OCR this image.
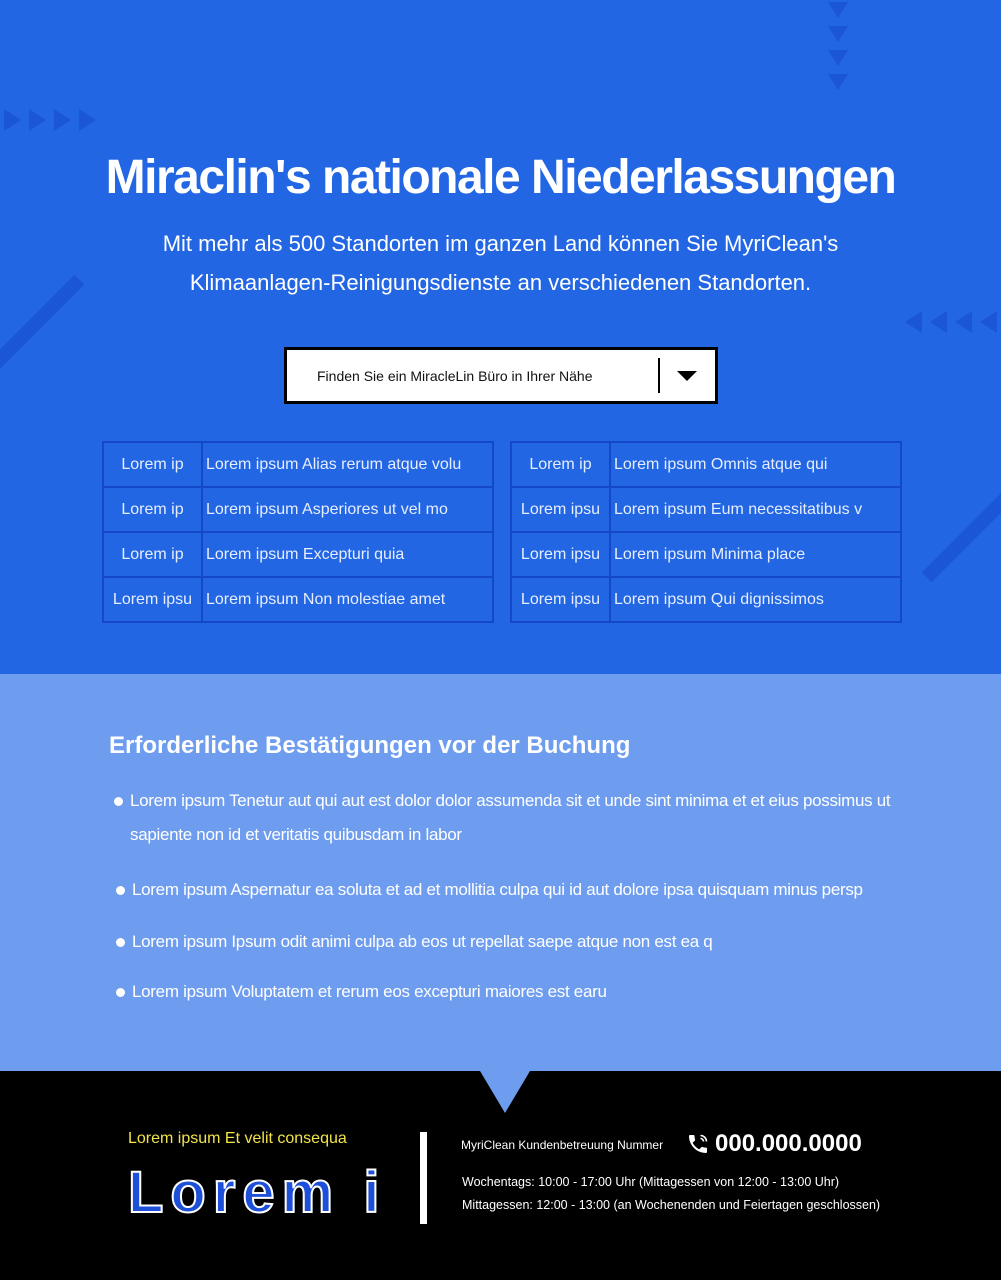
Miraclin's nationale Niederlassungen

Mit mehr als 500 Standorten im ganzen Land können Sie MyriClean's
Klimaanlagen-Reinigungsdienste an verschiedenen Standorten.

Finden Sie ein MiracleLin Büro in Ihrer Nähe
Lorem ip	Lorem ipsum Alias rerum atque volu
Lorem ip	Lorem ipsum Asperiores ut vel mo
Lorem ip	Lorem ipsum Excepturi quia
Lorem ipsu	Lorem ipsum Non molestiae amet
Lorem ip	Lorem ipsum Omnis atque qui
Lorem ipsu	Lorem ipsum Eum necessitatibus v
Lorem ipsu	Lorem ipsum Minima place
Lorem ipsu	Lorem ipsum Qui dignissimos
Erforderliche Bestätigungen vor der Buchung
Lorem ipsum Tenetur aut qui aut est dolor dolor assumenda sit et unde sint minima et et eius possimus ut sapiente non id et veritatis quibusdam in labor
Lorem ipsum Aspernatur ea soluta et ad et mollitia culpa qui id aut dolore ipsa quisquam minus persp
Lorem ipsum Ipsum odit animi culpa ab eos ut repellat saepe atque non est ea q
Lorem ipsum Voluptatem et rerum eos excepturi maiores est earu
Lorem ipsum Et velit consequa
Lorem i
MyriClean Kundenbetreuung Nummer 000.000.0000
Wochentags: 10:00 - 17:00 Uhr (Mittagessen von 12:00 - 13:00 Uhr)
Mittagessen: 12:00 - 13:00 (an Wochenenden und Feiertagen geschlossen)
